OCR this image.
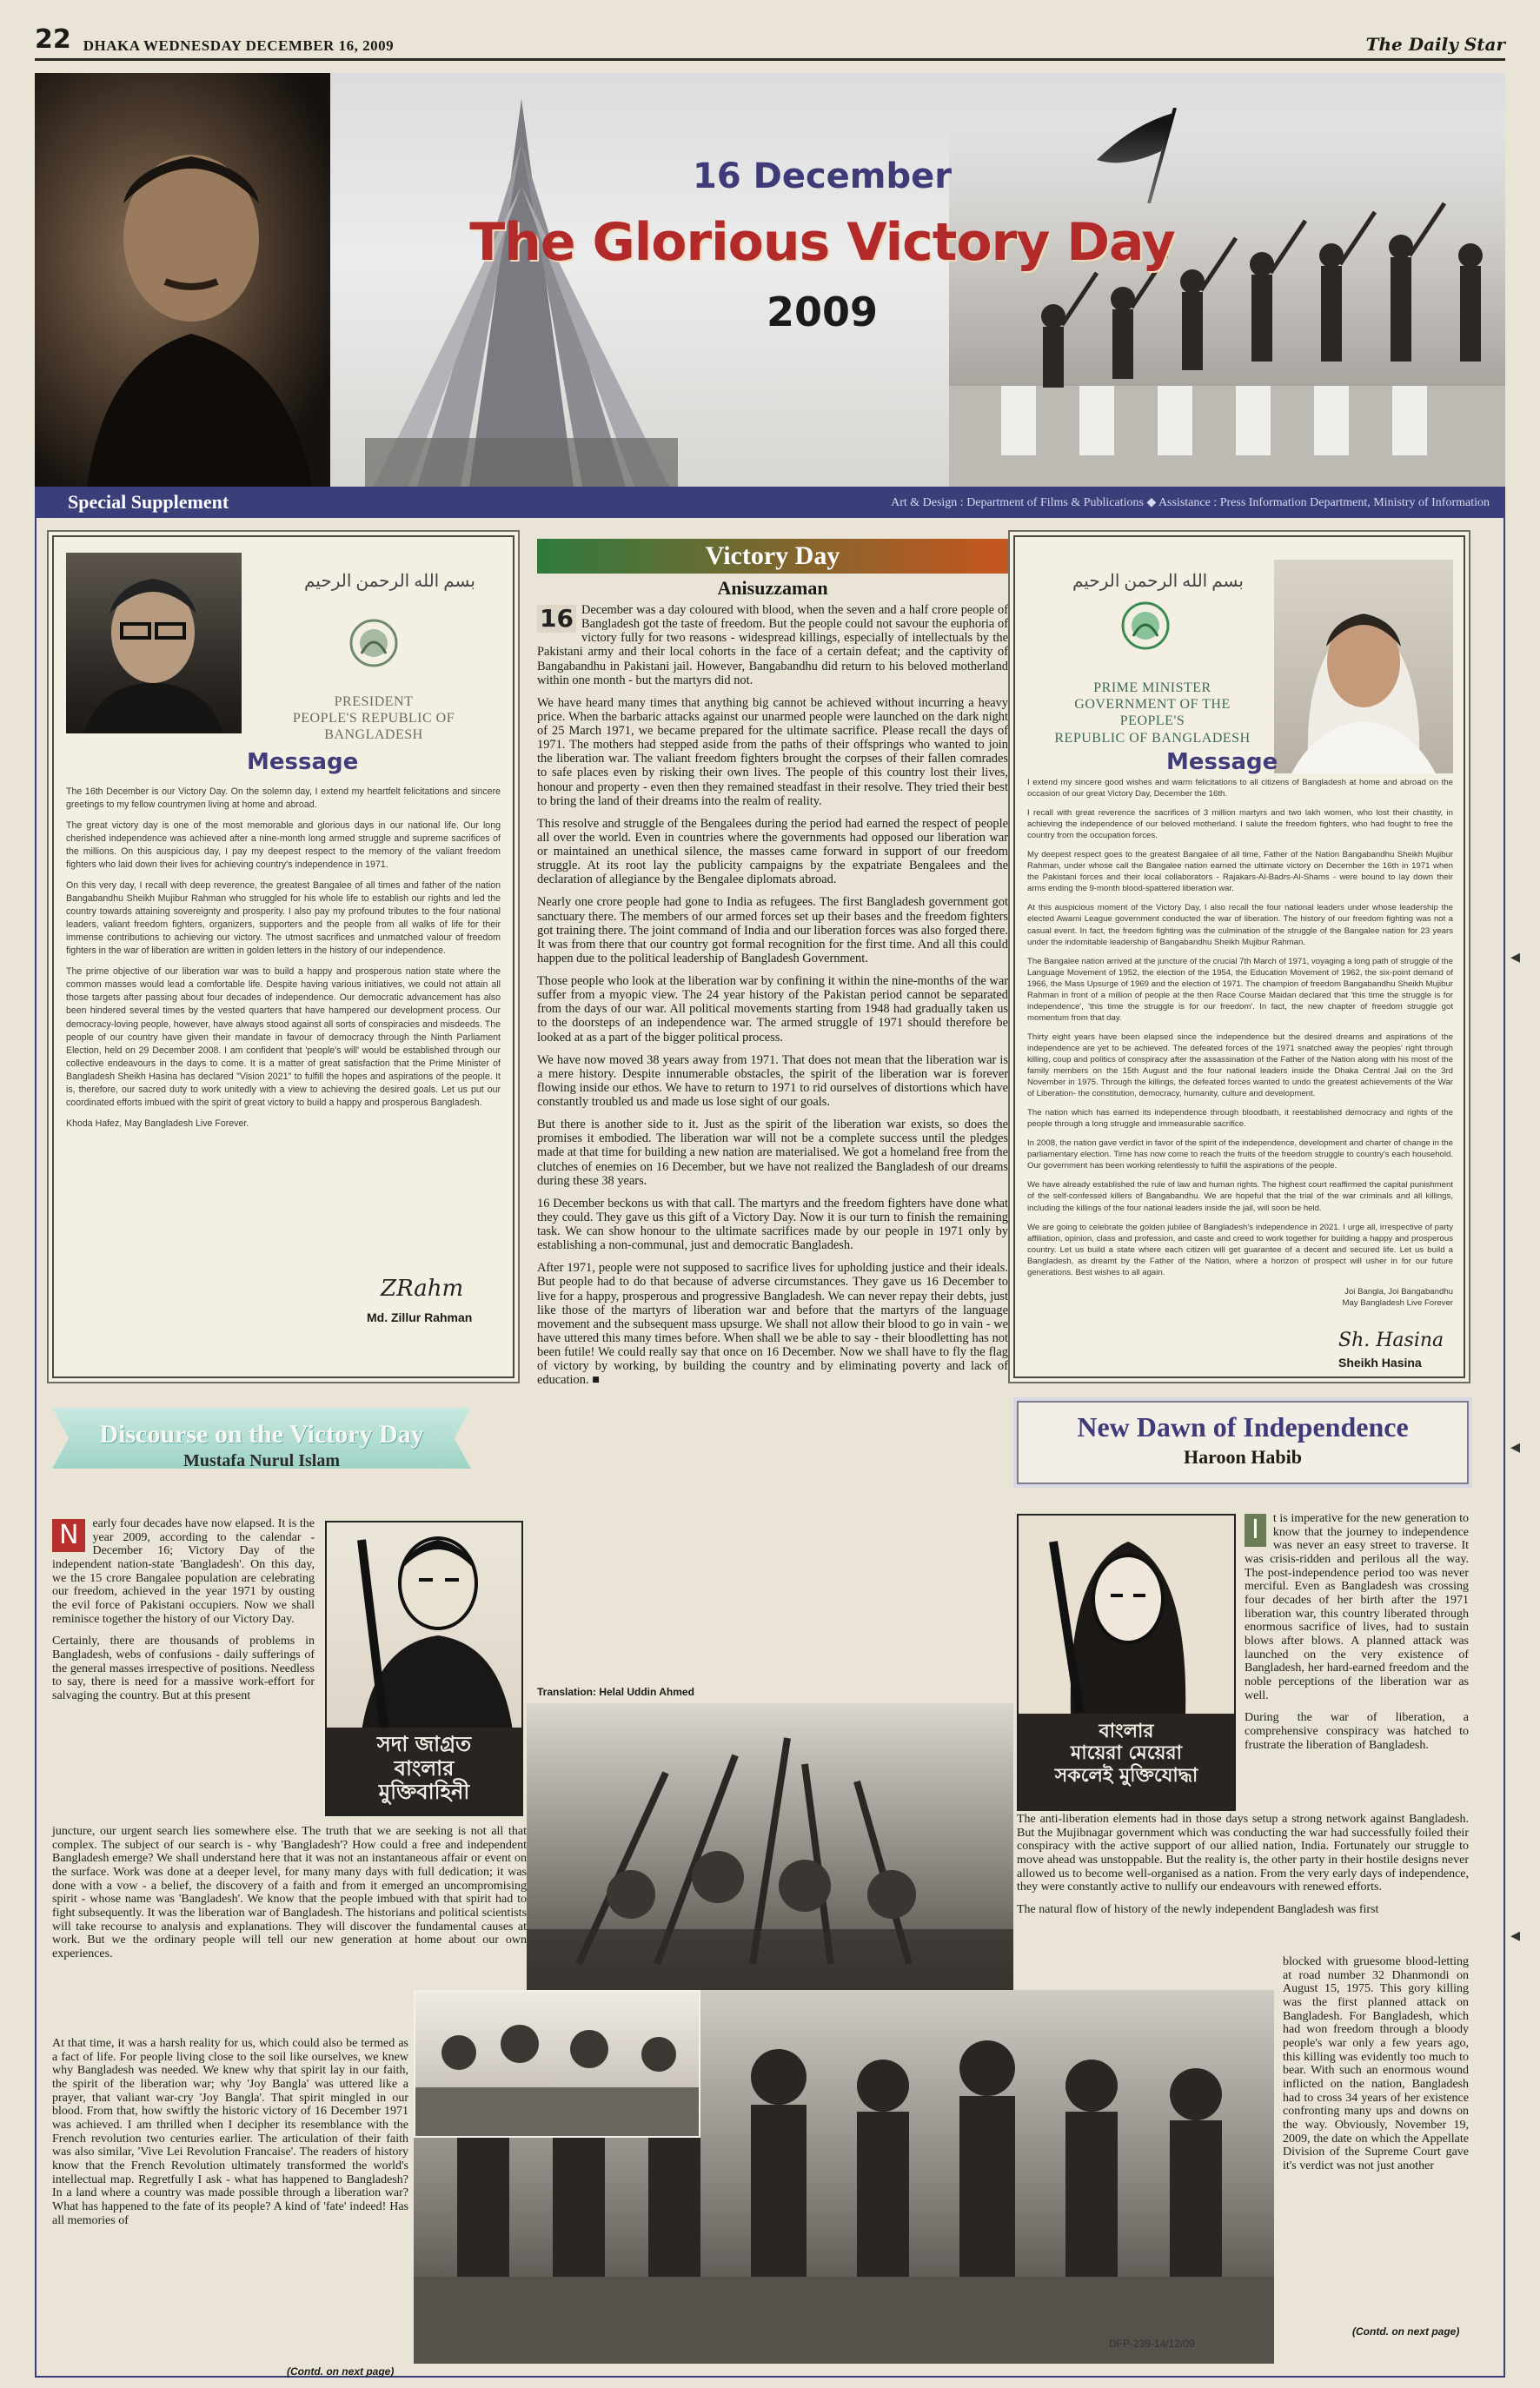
22 DHAKA WEDNESDAY DECEMBER 16, 2009	The Daily Star
16 December
The Glorious Victory Day
2009
Special Supplement	Art & Design : Department of Films & Publications ◆ Assistance : Press Information Department, Ministry of Information
بسم الله الرحمن الرحيم
PRESIDENT
PEOPLE'S REPUBLIC OF
BANGLADESH
Message

The 16th December is our Victory Day. On the solemn day, I extend my heartfelt felicitations and sincere greetings to my fellow countrymen living at home and abroad.

The great victory day is one of the most memorable and glorious days in our national life. Our long cherished independence was achieved after a nine-month long armed struggle and supreme sacrifices of the millions. On this auspicious day, I pay my deepest respect to the memory of the valiant freedom fighters who laid down their lives for achieving country's independence in 1971.

On this very day, I recall with deep reverence, the greatest Bangalee of all times and father of the nation Bangabandhu Sheikh Mujibur Rahman who struggled for his whole life to establish our rights and led the country towards attaining sovereignty and prosperity. I also pay my profound tributes to the four national leaders, valiant freedom fighters, organizers, supporters and the people from all walks of life for their immense contributions to achieving our victory. The utmost sacrifices and unmatched valour of freedom fighters in the war of liberation are written in golden letters in the history of our independence.

The prime objective of our liberation war was to build a happy and prosperous nation state where the common masses would lead a comfortable life. Despite having various initiatives, we could not attain all those targets after passing about four decades of independence. Our democratic advancement has also been hindered several times by the vested quarters that have hampered our development process. Our democracy-loving people, however, have always stood against all sorts of conspiracies and misdeeds. The people of our country have given their mandate in favour of democracy through the Ninth Parliament Election, held on 29 December 2008. I am confident that 'people's will' would be established through our collective endeavours in the days to come. It is a matter of great satisfaction that the Prime Minister of Bangladesh Sheikh Hasina has declared "Vision 2021" to fulfill the hopes and aspirations of the people. It is, therefore, our sacred duty to work unitedly with a view to achieving the desired goals. Let us put our coordinated efforts imbued with the spirit of great victory to build a happy and prosperous Bangladesh.

Khoda Hafez, May Bangladesh Live Forever.

ZRahm
Md. Zillur Rahman
بسم الله الرحمن الرحيم
PRIME MINISTER
GOVERNMENT OF THE PEOPLE'S
REPUBLIC OF BANGLADESH
Message

I extend my sincere good wishes and warm felicitations to all citizens of Bangladesh at home and abroad on the occasion of our great Victory Day, December the 16th.

I recall with great reverence the sacrifices of 3 million martyrs and two lakh women, who lost their chastity, in achieving the independence of our beloved motherland. I salute the freedom fighters, who had fought to free the country from the occupation forces.

My deepest respect goes to the greatest Bangalee of all time, Father of the Nation Bangabandhu Sheikh Mujibur Rahman, under whose call the Bangalee nation earned the ultimate victory on December the 16th in 1971 when the Pakistani forces and their local collaborators - Rajakars-Al-Badrs-Al-Shams - were bound to lay down their arms ending the 9-month blood-spattered liberation war.

At this auspicious moment of the Victory Day, I also recall the four national leaders under whose leadership the elected Awami League government conducted the war of liberation. The history of our freedom fighting was not a casual event. In fact, the freedom fighting was the culmination of the struggle of the Bangalee nation for 23 years under the indomitable leadership of Bangabandhu Sheikh Mujibur Rahman.

The Bangalee nation arrived at the juncture of the crucial 7th March of 1971, voyaging a long path of struggle of the Language Movement of 1952, the election of the 1954, the Education Movement of 1962, the six-point demand of 1966, the Mass Upsurge of 1969 and the election of 1971. The champion of freedom Bangabandhu Sheikh Mujibur Rahman in front of a million of people at the then Race Course Maidan declared that 'this time the struggle is for independence', 'this time the struggle is for our freedom'. In fact, the new chapter of freedom struggle got momentum from that day.

Thirty eight years have been elapsed since the independence but the desired dreams and aspirations of the independence are yet to be achieved. The defeated forces of the 1971 snatched away the peoples' right through killing, coup and politics of conspiracy after the assassination of the Father of the Nation along with his most of the family members on the 15th August and the four national leaders inside the Dhaka Central Jail on the 3rd November in 1975. Through the killings, the defeated forces wanted to undo the greatest achievements of the War of Liberation- the constitution, democracy, humanity, culture and development.

The nation which has earned its independence through bloodbath, it reestablished democracy and rights of the people through a long struggle and immeasurable sacrifice.

In 2008, the nation gave verdict in favor of the spirit of the independence, development and charter of change in the parliamentary election. Time has now come to reach the fruits of the freedom struggle to country's each household. Our government has been working relentlessly to fulfill the aspirations of the people.

We have already established the rule of law and human rights. The highest court reaffirmed the capital punishment of the self-confessed killers of Bangabandhu. We are hopeful that the trial of the war criminals and all killings, including the killings of the four national leaders inside the jail, will soon be held.

We are going to celebrate the golden jubilee of Bangladesh's independence in 2021. I urge all, irrespective of party affiliation, opinion, class and profession, and caste and creed to work together for building a happy and prosperous country. Let us build a state where each citizen will get guarantee of a decent and secured life. Let us build a Bangladesh, as dreamt by the Father of the Nation, where a horizon of prospect will usher in for our future generations. Best wishes to all again.

Joi Bangla, Joi Bangabandhu
May Bangladesh Live Forever

Sh. Hasina
Sheikh Hasina
Victory Day
Anisuzzaman

16 December was a day coloured with blood, when the seven and a half crore people of Bangladesh got the taste of freedom. But the people could not savour the euphoria of victory fully for two reasons - widespread killings, especially of intellectuals by the Pakistani army and their local cohorts in the face of a certain defeat; and the captivity of Bangabandhu in Pakistani jail. However, Bangabandhu did return to his beloved motherland within one month - but the martyrs did not.

We have heard many times that anything big cannot be achieved without incurring a heavy price. When the barbaric attacks against our unarmed people were launched on the dark night of 25 March 1971, we became prepared for the ultimate sacrifice. Please recall the days of 1971. The mothers had stepped aside from the paths of their offsprings who wanted to join the liberation war. The valiant freedom fighters brought the corpses of their fallen comrades to safe places even by risking their own lives. The people of this country lost their lives, honour and property - even then they remained steadfast in their resolve. They tried their best to bring the land of their dreams into the realm of reality.

This resolve and struggle of the Bengalees during the period had earned the respect of people all over the world. Even in countries where the governments had opposed our liberation war or maintained an unethical silence, the masses came forward in support of our freedom struggle. At its root lay the publicity campaigns by the expatriate Bengalees and the declaration of allegiance by the Bengalee diplomats abroad.

Nearly one crore people had gone to India as refugees. The first Bangladesh government got sanctuary there. The members of our armed forces set up their bases and the freedom fighters got training there. The joint command of India and our liberation forces was also forged there. It was from there that our country got formal recognition for the first time. And all this could happen due to the political leadership of Bangladesh Government.

Those people who look at the liberation war by confining it within the nine-months of the war suffer from a myopic view. The 24 year history of the Pakistan period cannot be separated from the days of our war. All political movements starting from 1948 had gradually taken us to the doorsteps of an independence war. The armed struggle of 1971 should therefore be looked at as a part of the bigger political process.

We have now moved 38 years away from 1971. That does not mean that the liberation war is a mere history. Despite innumerable obstacles, the spirit of the liberation war is forever flowing inside our ethos. We have to return to 1971 to rid ourselves of distortions which have constantly troubled us and made us lose sight of our goals.

But there is another side to it. Just as the spirit of the liberation war exists, so does the promises it embodied. The liberation war will not be a complete success until the pledges made at that time for building a new nation are materialised. We got a homeland free from the clutches of enemies on 16 December, but we have not realized the Bangladesh of our dreams during these 38 years.

16 December beckons us with that call. The martyrs and the freedom fighters have done what they could. They gave us this gift of a Victory Day. Now it is our turn to finish the remaining task. We can show honour to the ultimate sacrifices made by our people in 1971 only by establishing a non-communal, just and democratic Bangladesh.

After 1971, people were not supposed to sacrifice lives for upholding justice and their ideals. But people had to do that because of adverse circumstances. They gave us 16 December to live for a happy, prosperous and progressive Bangladesh. We can never repay their debts, just like those of the martyrs of liberation war and before that the martyrs of the language movement and the subsequent mass upsurge. We shall not allow their blood to go in vain - we have uttered this many times before. When shall we be able to say - their bloodletting has not been futile! We could really say that once on 16 December. Now we shall have to fly the flag of victory by working, by building the country and by eliminating poverty and lack of education. ■

Translation: Helal Uddin Ahmed
Discourse on the Victory Day
Mustafa Nurul Islam

N	early four decades have now elapsed. It is the year 2009, according to the calendar - December 16; Victory Day of the independent nation-state 'Bangladesh'. On this day, we the 15 crore Bangalee population are celebrating our freedom, achieved in the year 1971 by ousting the evil force of Pakistani occupiers. Now we shall reminisce together the history of our Victory Day.

Certainly, there are thousands of problems in Bangladesh, webs of confusions - daily sufferings of the general masses irrespective of positions. Needless to say, there is need for a massive work-effort for salvaging the country. But at this present

সদা জাগ্রত
বাংলার
মুক্তিবাহিনী

juncture, our urgent search lies somewhere else. The truth that we are seeking is not all that complex. The subject of our search is - why 'Bangladesh'? How could a free and independent Bangladesh emerge? We shall understand here that it was not an instantaneous affair or event on the surface. Work was done at a deeper level, for many many days with full dedication; it was done with a vow - a belief, the discovery of a faith and from it emerged an uncompromising spirit - whose name was 'Bangladesh'. We know that the people imbued with that spirit had to fight subsequently. It was the liberation war of Bangladesh. The historians and political scientists will take recourse to analysis and explanations. They will discover the fundamental causes at work. But we the ordinary people will tell our new generation at home about our own experiences.

At that time, it was a harsh reality for us, which could also be termed as a fact of life. For people living close to the soil like ourselves, we knew why Bangladesh was needed. We knew why that spirit lay in our faith, the spirit of the liberation war; why 'Joy Bangla' was uttered like a prayer, that valiant war-cry 'Joy Bangla'. That spirit mingled in our blood. From that, how swiftly the historic victory of 16 December 1971 was achieved. I am thrilled when I decipher its resemblance with the French revolution two centuries earlier. The articulation of their faith was also similar, 'Vive Lei Revolution Francaise'. The readers of history know that the French Revolution ultimately transformed the world's intellectual map. Regretfully I ask - what has happened to Bangladesh? In a land where a country was made possible through a liberation war? What has happened to the fate of its people? A kind of 'fate' indeed! Has all memories of

(Contd. on next page)
New Dawn of Independence
Haroon Habib
বাংলার
মায়েরা মেয়েরা
সকলেই মুক্তিযোদ্ধা

I	t is imperative for the new generation to know that the journey to independence was never an easy street to traverse. It was crisis-ridden and perilous all the way. The post-independence period too was never merciful. Even as Bangladesh was crossing four decades of her birth after the 1971 liberation war, this country liberated through enormous sacrifice of lives, had to sustain blows after blows. A planned attack was launched on the very existence of Bangladesh, her hard-earned freedom and the noble perceptions of the liberation war as well.

During the war of liberation, a comprehensive conspiracy was hatched to frustrate the liberation of Bangladesh.

The anti-liberation elements had in those days setup a strong network against Bangladesh. But the Mujibnagar government which was conducting the war had successfully foiled their conspiracy with the active support of our allied nation, India. Fortunately our struggle to move ahead was unstoppable. But the reality is, the other party in their hostile designs never allowed us to become well-organised as a nation. From the very early days of independence, they were constantly active to nullify our endeavours with renewed efforts.

The natural flow of history of the newly independent Bangladesh was first

blocked with gruesome blood-letting at road number 32 Dhanmondi on August 15, 1975. This gory killing was the first planned attack on Bangladesh. For Bangladesh, which had won freedom through a bloody people's war only a few years ago, this killing was evidently too much to bear. With such an enormous wound inflicted on the nation, Bangladesh had to cross 34 years of her existence confronting many ups and downs on the way. Obviously, November 19, 2009, the date on which the Appellate Division of the Supreme Court gave it's verdict was not just another

(Contd. on next page)
DFP-239-14/12/09
◂
◂
◂
